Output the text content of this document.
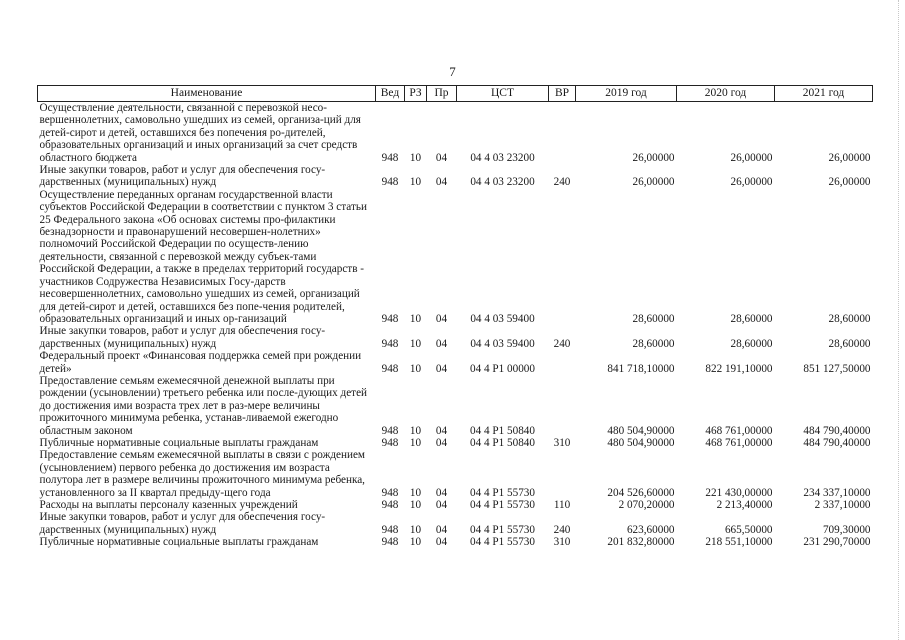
7
Наименование	Вед	РЗ	Пр	ЦСТ	ВР	2019 год	2020 год	2021 год
Осуществление деятельности, связанной с перевозкой несо-вершеннолетних, самовольно ушедших из семей, организа-ций для детей-сирот и детей, оставшихся без попечения ро-дителей, образовательных организаций и иных организаций за счет средств областного бюджета	948	10	04	04 4 03 23200		26,00000	26,00000	26,00000
Иные закупки товаров, работ и услуг для обеспечения госу-дарственных (муниципальных) нужд	948	10	04	04 4 03 23200	240	26,00000	26,00000	26,00000
Осуществление переданных органам государственной власти субъектов Российской Федерации в соответствии с пунктом 3 статьи 25 Федерального закона «Об основах системы про-филактики безнадзорности и правонарушений несовершен-нолетних» полномочий Российской Федерации по осуществ-лению деятельности, связанной с перевозкой между субъек-тами Российской Федерации, а также в пределах территорий государств - участников Содружества Независимых Госу-дарств несовершеннолетних, самовольно ушедших из семей, организаций для детей-сирот и детей, оставшихся без попе-чения родителей, образовательных организаций и иных ор-ганизаций	948	10	04	04 4 03 59400		28,60000	28,60000	28,60000
Иные закупки товаров, работ и услуг для обеспечения госу-дарственных (муниципальных) нужд	948	10	04	04 4 03 59400	240	28,60000	28,60000	28,60000
Федеральный проект «Финансовая поддержка семей при рождении детей»	948	10	04	04 4 P1 00000		841 718,10000	822 191,10000	851 127,50000
Предоставление семьям ежемесячной денежной выплаты при рождении (усыновлении) третьего ребенка или после-дующих детей до достижения ими возраста трех лет в раз-мере величины прожиточного минимума ребенка, устанав-ливаемой ежегодно областным законом	948	10	04	04 4 P1 50840		480 504,90000	468 761,00000	484 790,40000
Публичные нормативные социальные выплаты гражданам	948	10	04	04 4 P1 50840	310	480 504,90000	468 761,00000	484 790,40000
Предоставление семьям ежемесячной выплаты в связи с рождением (усыновлением) первого ребенка до достижения им возраста полутора лет в размере величины прожиточного минимума ребенка, установленного за II квартал предыду-щего года	948	10	04	04 4 P1 55730		204 526,60000	221 430,00000	234 337,10000
Расходы на выплаты персоналу казенных учреждений	948	10	04	04 4 P1 55730	110	2 070,20000	2 213,40000	2 337,10000
Иные закупки товаров, работ и услуг для обеспечения госу-дарственных (муниципальных) нужд	948	10	04	04 4 P1 55730	240	623,60000	665,50000	709,30000
Публичные нормативные социальные выплаты гражданам	948	10	04	04 4 P1 55730	310	201 832,80000	218 551,10000	231 290,70000
